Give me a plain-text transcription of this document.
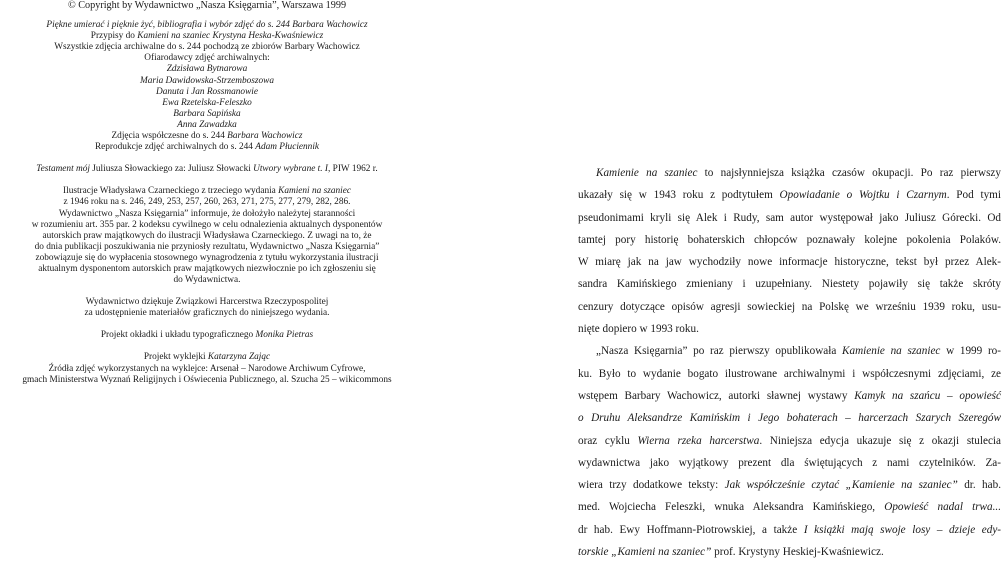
© Copyright by Wydawnictwo „Nasza Księgarnia”, Warszawa 1999
Piękne umierać i pięknie żyć, bibliografia i wybór zdjęć do s. 244 Barbara Wachowicz
Przypisy do Kamieni na szaniec Krystyna Heska-Kwaśniewicz
Wszystkie zdjęcia archiwalne do s. 244 pochodzą ze zbiorów Barbary Wachowicz
Ofiarodawcy zdjęć archiwalnych:
Zdzisława Bytnarowa
Maria Dawidowska-Strzemboszowa
Danuta i Jan Rossmanowie
Ewa Rzetelska-Feleszko
Barbara Sapińska
Anna Zawadzka
Zdjęcia współczesne do s. 244 Barbara Wachowicz
Reprodukcje zdjęć archiwalnych do s. 244 Adam Płuciennik
Testament mój Juliusza Słowackiego za: Juliusz Słowacki Utwory wybrane t. I, PIW 1962 r.
Ilustracje Władysława Czarneckiego z trzeciego wydania Kamieni na szaniec
z 1946 roku na s. 246, 249, 253, 257, 260, 263, 271, 275, 277, 279, 282, 286.
Wydawnictwo „Nasza Księgarnia” informuje, że dołożyło należytej staranności
w rozumieniu art. 355 par. 2 kodeksu cywilnego w celu odnalezienia aktualnych dysponentów
autorskich praw majątkowych do ilustracji Władysława Czarneckiego. Z uwagi na to, że
do dnia publikacji poszukiwania nie przyniosły rezultatu, Wydawnictwo „Nasza Księgarnia”
zobowiązuje się do wypłacenia stosownego wynagrodzenia z tytułu wykorzystania ilustracji
aktualnym dysponentom autorskich praw majątkowych niezwłocznie po ich zgłoszeniu się
do Wydawnictwa.
Wydawnictwo dziękuje Związkowi Harcerstwa Rzeczypospolitej
za udostępnienie materiałów graficznych do niniejszego wydania.
Projekt okładki i układu typograficznego Monika Pietras
Projekt wyklejki Katarzyna Zając
Źródła zdjęć wykorzystanych na wyklejce: Arsenał – Narodowe Archiwum Cyfrowe,
gmach Ministerstwa Wyznań Religijnych i Oświecenia Publicznego, al. Szucha 25 – wikicommons
Kamienie na szaniec to najsłynniejsza książka czasów okupacji. Po raz pierwszy
ukazały się w 1943 roku z podtytułem Opowiadanie o Wojtku i Czarnym. Pod tymi
pseudonimami kryli się Alek i Rudy, sam autor występował jako Juliusz Górecki. Od
tamtej pory historię bohaterskich chłopców poznawały kolejne pokolenia Polaków.
W miarę jak na jaw wychodziły nowe informacje historyczne, tekst był przez Alek-
sandra Kamińskiego zmieniany i uzupełniany. Niestety pojawiły się także skróty
cenzury dotyczące opisów agresji sowieckiej na Polskę we wrześniu 1939 roku, usu-
nięte dopiero w 1993 roku.
„Nasza Księgarnia” po raz pierwszy opublikowała Kamienie na szaniec w 1999 ro-
ku. Było to wydanie bogato ilustrowane archiwalnymi i współczesnymi zdjęciami, ze
wstępem Barbary Wachowicz, autorki sławnej wystawy Kamyk na szańcu – opowieść
o Druhu Aleksandrze Kamińskim i Jego bohaterach – harcerzach Szarych Szeregów
oraz cyklu Wierna rzeka harcerstwa. Niniejsza edycja ukazuje się z okazji stulecia
wydawnictwa jako wyjątkowy prezent dla świętujących z nami czytelników. Za-
wiera trzy dodatkowe teksty: Jak współcześnie czytać „Kamienie na szaniec” dr. hab.
med. Wojciecha Feleszki, wnuka Aleksandra Kamińskiego, Opowieść nadal trwa...
dr hab. Ewy Hoffmann-Piotrowskiej, a także I książki mają swoje losy – dzieje edy-
torskie „Kamieni na szaniec” prof. Krystyny Heskiej-Kwaśniewicz.
